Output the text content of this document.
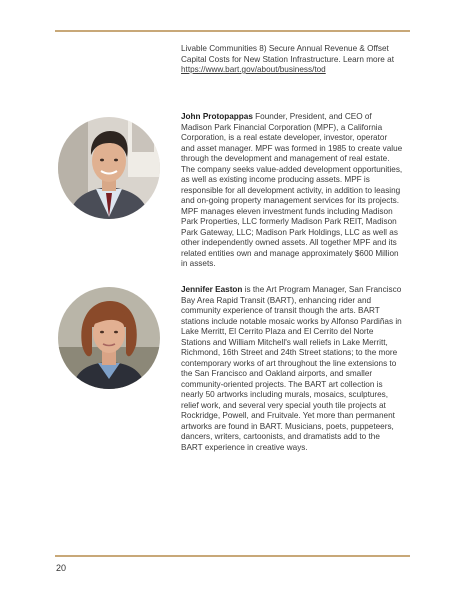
Livable Communities 8) Secure Annual Revenue & Offset Capital Costs for New Station Infrastructure. Learn more at
https://www.bart.gov/about/business/tod
John Protopappas Founder, President, and CEO of Madison Park Financial Corporation (MPF), a California Corporation, is a real estate developer, investor, operator and asset manager. MPF was formed in 1985 to create value through the development and management of real estate. The company seeks value-added development opportunities, as well as existing income producing assets. MPF is responsible for all development activity, in addition to leasing and on-going property management services for its projects. MPF manages eleven investment funds including Madison Park Properties, LLC formerly Madison Park REIT, Madison Park Gateway, LLC; Madison Park Holdings, LLC as well as other independently owned assets. All together MPF and its related entities own and manage approximately $600 Million in assets.
Jennifer Easton is the Art Program Manager, San Francisco Bay Area Rapid Transit (BART), enhancing rider and community experience of transit though the arts. BART stations include notable mosaic works by Alfonso Pardiñas in Lake Merritt, El Cerrito Plaza and El Cerrito del Norte Stations and William Mitchell's wall reliefs in Lake Merritt, Richmond, 16th Street and 24th Street stations; to the more contemporary works of art throughout the line extensions to the San Francisco and Oakland airports, and smaller community-oriented projects. The BART art collection is nearly 50 artworks including murals, mosaics, sculptures, relief work, and several very special youth tile projects at Rockridge, Powell, and Fruitvale. Yet more than permanent artworks are found in BART. Musicians, poets, puppeteers, dancers, writers, cartoonists, and dramatists add to the BART experience in creative ways.
20
